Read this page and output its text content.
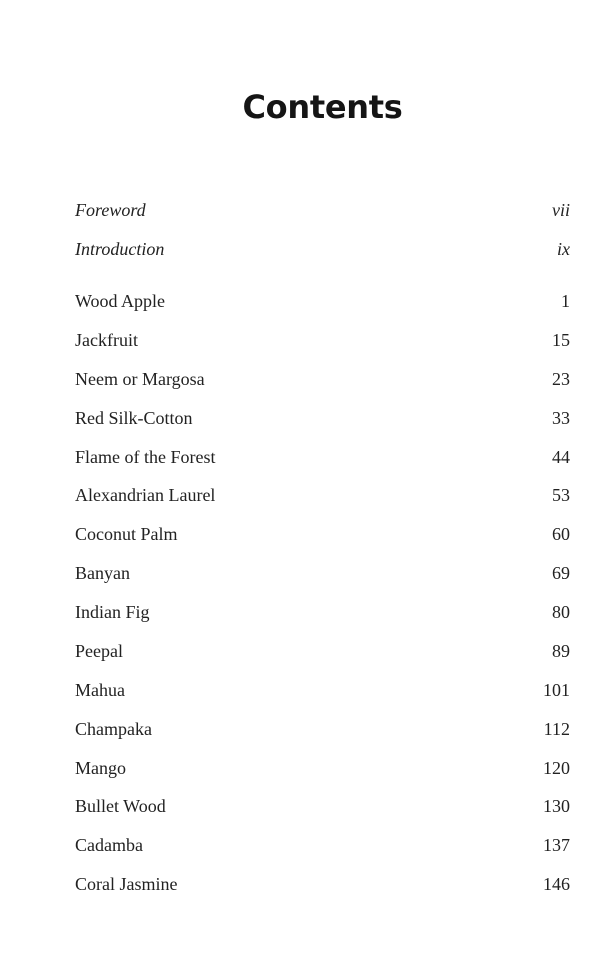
Contents
Foreword	vii
Introduction	ix
Wood Apple	1
Jackfruit	15
Neem or Margosa	23
Red Silk-Cotton	33
Flame of the Forest	44
Alexandrian Laurel	53
Coconut Palm	60
Banyan	69
Indian Fig	80
Peepal	89
Mahua	101
Champaka	112
Mango	120
Bullet Wood	130
Cadamba	137
Coral Jasmine	146
